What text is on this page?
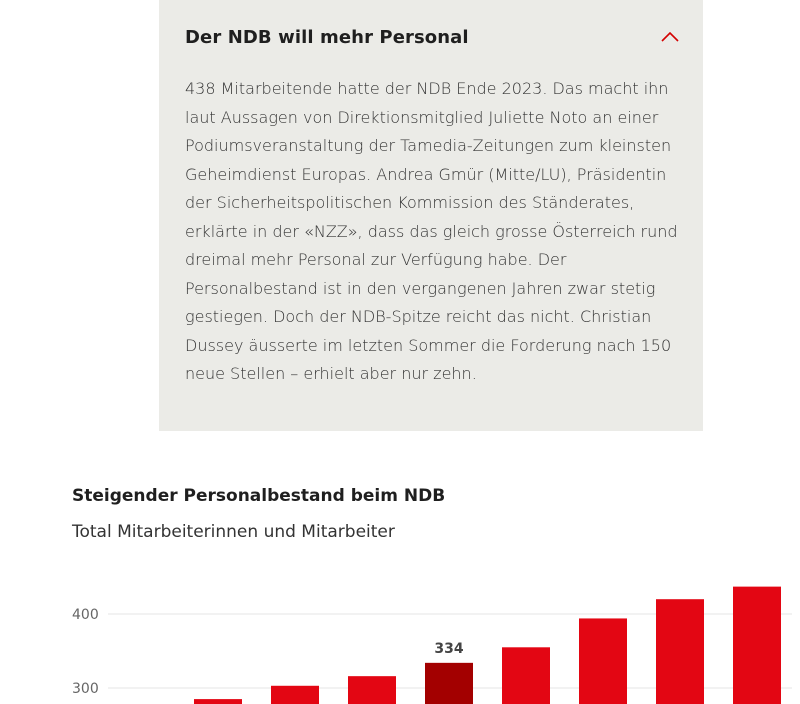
Der NDB will mehr Personal
438 Mitarbeitende hatte der NDB Ende 2023. Das macht ihn laut Aussagen von Direktionsmitglied Juliette Noto an einer Podiumsveranstaltung der Tamedia-Zeitungen zum kleinsten Geheimdienst Europas. Andrea Gmür (Mitte/LU), Präsidentin der Sicherheitspolitischen Kommission des Ständerates, erklärte in der «NZZ», dass das gleich grosse Österreich rund dreimal mehr Personal zur Verfügung habe. Der Personalbestand ist in den vergangenen Jahren zwar stetig gestiegen. Doch der NDB-Spitze reicht das nicht. Christian Dussey äusserte im letzten Sommer die Forderung nach 150 neue Stellen – erhielt aber nur zehn.
Steigender Personalbestand beim NDB
Total Mitarbeiterinnen und Mitarbeiter
300
400
334
